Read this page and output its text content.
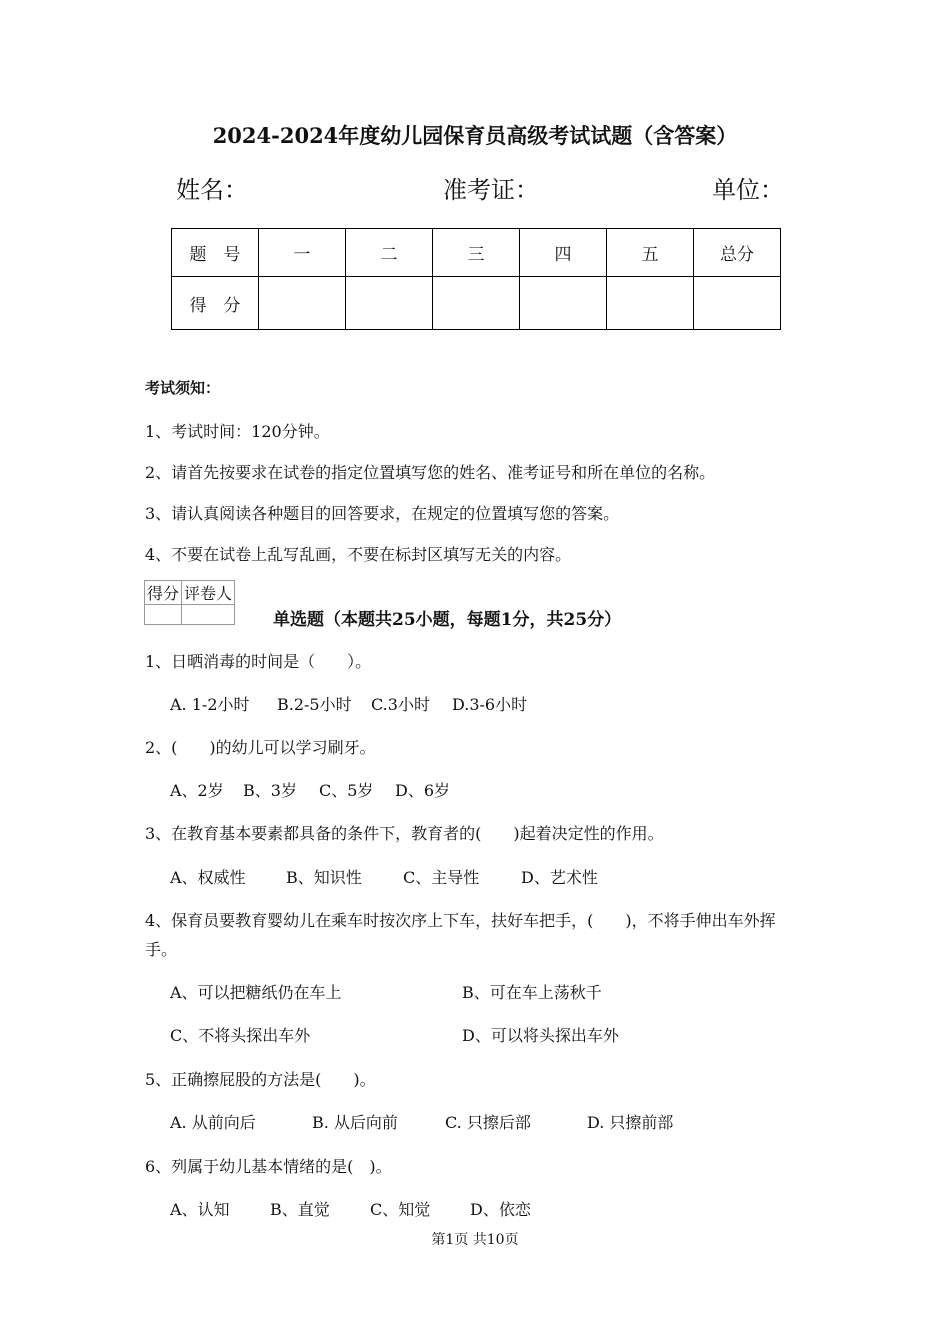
2024-2024年度幼儿园保育员高级考试试题（含答案）
姓名：	准考证：	单位：
题　号	一	二	三	四	五	总分
得　分						
考试须知：
1、考试时间：120分钟。
2、请首先按要求在试卷的指定位置填写您的姓名、准考证号和所在单位的名称。
3、请认真阅读各种题目的回答要求，在规定的位置填写您的答案。
4、不要在试卷上乱写乱画，不要在标封区填写无关的内容。
得分	评卷人

单选题（本题共25小题，每题1分，共25分）
1、日晒消毒的时间是（　　）。
A. 1-2小时 B.2-5小时 C.3小时 D.3-6小时
2、(　　)的幼儿可以学习刷牙。
A、2岁 B、3岁 C、5岁 D、6岁
3、在教育基本要素都具备的条件下，教育者的(　　)起着决定性的作用。
A、权威性	B、知识性	C、主导性	D、艺术性
4、保育员要教育婴幼儿在乘车时按次序上下车，扶好车把手，(　　)，不将手伸出车外挥
手。
A、可以把糖纸仍在车上	B、可在车上荡秋千
C、不将头探出车外	D、可以将头探出车外
5、正确擦屁股的方法是(　　)。
A. 从前向后	B. 从后向前	C. 只擦后部	D. 只擦前部
6、列属于幼儿基本情绪的是(　)。
A、认知	B、直觉	C、知觉 D、依恋
第1页 共10页
